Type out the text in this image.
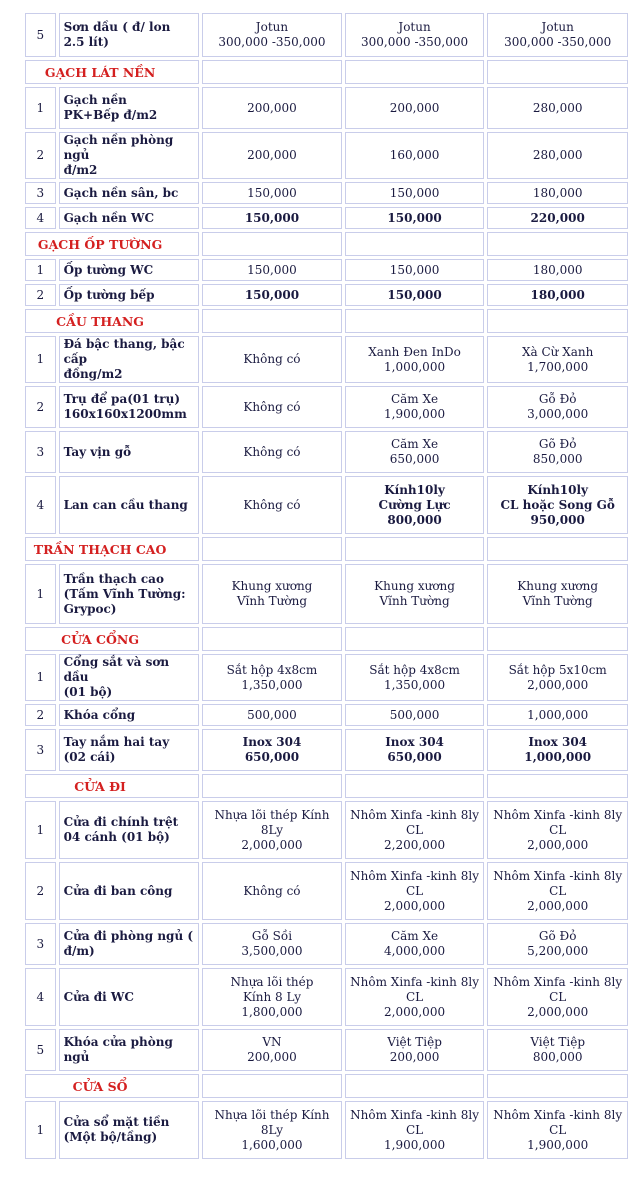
5	Sơn dầu ( đ/ lon 2.5 lít)	Jotun
300,000 -350,000	Jotun
300,000 -350,000	Jotun
300,000 -350,000

GẠCH LÁT NỀN				
1	Gạch nền
PK+Bếp đ/m2	200,000	200,000	280,000

2	Gạch nền phòng ngủ
đ/m2	200,000	160,000	280,000

3	Gạch nền sân, bc	150,000	150,000	180,000

4	Gạch nền WC	150,000	150,000	220,000

GẠCH ỐP TƯỜNG				
1	Ốp tường WC	150,000	150,000	180,000

2	Ốp tường bếp	150,000	150,000	180,000

CẦU THANG				
1	Đá bậc thang, bậc cấp
đồng/m2	Không có	Xanh Đen InDo
1,000,000	Xà Cừ Xanh
1,700,000

2	Trụ để pa(01 trụ)
160x160x1200mm	Không có	Căm Xe
1,900,000	Gỗ Đỏ
3,000,000

3	Tay vịn gỗ	Không có	Căm Xe
650,000	Gõ Đỏ
850,000

4	Lan can cầu thang	Không có	Kính10ly
Cường Lực
800,000	Kính10ly
CL hoặc Song Gỗ
950,000

TRẦN THẠCH CAO				
1	Trần thạch cao
(Tấm Vĩnh Tường:
Grypoc)	Khung xương
Vĩnh Tường	Khung xương
Vĩnh Tường	Khung xương
Vĩnh Tường

CỬA CỔNG				
1	Cổng sắt và sơn dầu
(01 bộ)	Sắt hộp 4x8cm
1,350,000	Sắt hộp 4x8cm
1,350,000	Sắt hộp 5x10cm
2,000,000

2	Khóa cổng	500,000	500,000	1,000,000

3	Tay nắm hai tay
(02 cái)	Inox 304
650,000	Inox 304
650,000	Inox 304
1,000,000

CỬA ĐI				
1	Cửa đi chính trệt
04 cánh (01 bộ)	Nhựa lõi thép Kính 8Ly
2,000,000	Nhôm Xinfa -kinh 8ly
CL
2,200,000	Nhôm Xinfa -kinh 8ly
CL
2,000,000

2	Cửa đi ban công	Không có	Nhôm Xinfa -kinh 8ly
CL
2,000,000	Nhôm Xinfa -kinh 8ly
CL
2,000,000

3	Cửa đi phòng ngủ (
đ/m)	Gỗ Sồi
3,500,000	Căm Xe
4,000,000	Gõ Đỏ
5,200,000

4	Cửa đi WC	Nhựa lõi thép
Kính 8 Ly
1,800,000	Nhôm Xinfa -kinh 8ly
CL
2,000,000	Nhôm Xinfa -kinh 8ly
CL
2,000,000

5	Khóa cửa phòng ngủ	VN
200,000	Việt Tiệp
200,000	Việt Tiệp
800,000

CỬA SỔ				
1	Cửa sổ mặt tiền
(Một bộ/tầng)	Nhựa lõi thép Kính 8Ly
1,600,000	Nhôm Xinfa -kinh 8ly
CL
1,900,000	Nhôm Xinfa -kinh 8ly
CL
1,900,000
